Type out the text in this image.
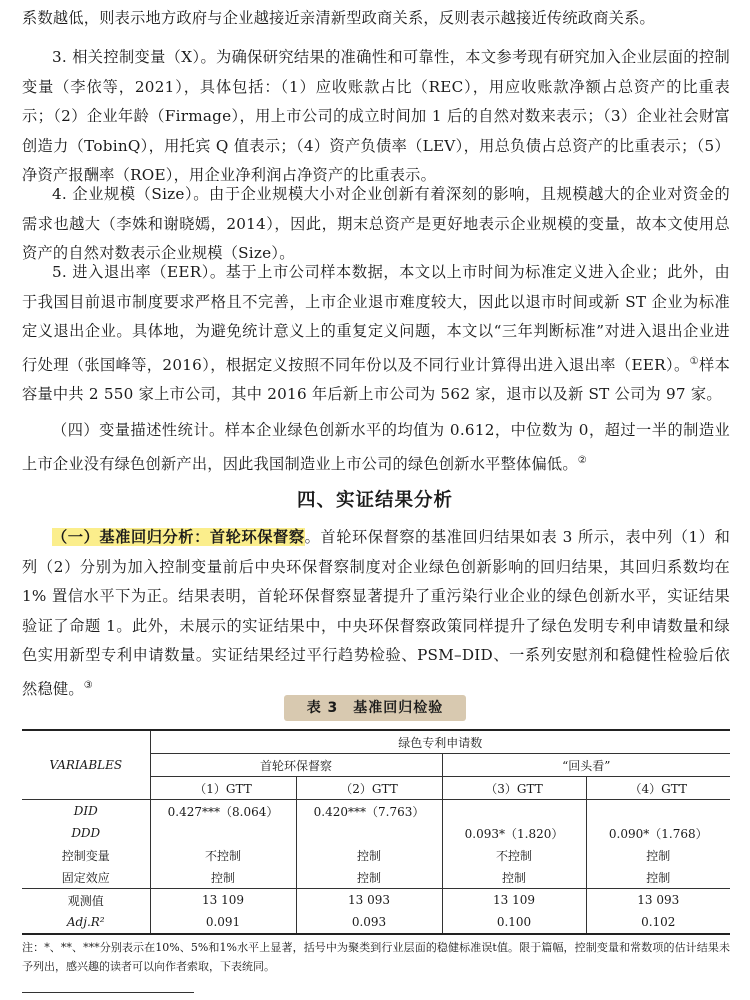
系数越低，则表示地方政府与企业越接近亲清新型政商关系，反则表示越接近传统政商关系。

3. 相关控制变量（X）。为确保研究结果的准确性和可靠性，本文参考现有研究加入企业层面的控制变量（李依等，2021），具体包括：（1）应收账款占比（REC），用应收账款净额占总资产的比重表示；（2）企业年龄（Firmage），用上市公司的成立时间加 1 后的自然对数来表示；（3）企业社会财富创造力（TobinQ），用托宾 Q 值表示；（4）资产负债率（LEV），用总负债占总资产的比重表示；（5）净资产报酬率（ROE），用企业净利润占净资产的比重表示。

4. 企业规模（Size）。由于企业规模大小对企业创新有着深刻的影响，且规模越大的企业对资金的需求也越大（李姝和谢晓嫣，2014），因此，期末总资产是更好地表示企业规模的变量，故本文使用总资产的自然对数表示企业规模（Size）。

5. 进入退出率（EER）。基于上市公司样本数据，本文以上市时间为标准定义进入企业；此外，由于我国目前退市制度要求严格且不完善，上市企业退市难度较大，因此以退市时间或新 ST 企业为标准定义退出企业。具体地，为避免统计意义上的重复定义问题，本文以“三年判断标准”对进入退出企业进行处理（张国峰等，2016），根据定义按照不同年份以及不同行业计算得出进入退出率（EER）。①样本容量中共 2 550 家上市公司，其中 2016 年后新上市公司为 562 家，退市以及新 ST 公司为 97 家。

（四）变量描述性统计。样本企业绿色创新水平的均值为 0.612，中位数为 0，超过一半的制造业上市企业没有绿色创新产出，因此我国制造业上市公司的绿色创新水平整体偏低。②

四、实证结果分析

（一）基准回归分析：首轮环保督察。首轮环保督察的基准回归结果如表 3 所示，表中列（1）和列（2）分别为加入控制变量前后中央环保督察制度对企业绿色创新影响的回归结果，其回归系数均在 1% 置信水平下为正。结果表明，首轮环保督察显著提升了重污染行业企业的绿色创新水平，实证结果验证了命题 1。此外，未展示的实证结果中，中央环保督察政策同样提升了绿色发明专利申请数量和绿色实用新型专利申请数量。实证结果经过平行趋势检验、PSM–DID、一系列安慰剂和稳健性检验后依然稳健。③

表 3　基准回归检验
VARIABLES	绿色专利申请数			
	首轮环保督察		“回头看”	
	（1）GTT	（2）GTT	（3）GTT	（4）GTT
DID	0.427***（8.064）	0.420***（7.763）		
DDD			0.093*（1.820）	0.090*（1.768）
控制变量	不控制	控制	不控制	控制
固定效应	控制	控制	控制	控制
观测值	13 109	13 093	13 109	13 093
Adj.R²	0.091	0.093	0.100	0.102

注：*、**、***分别表示在10%、5%和1%水平上显著，括号中为聚类到行业层面的稳健标准误t值。限于篇幅，控制变量和常数项的估计结果未予列出，感兴趣的读者可以向作者索取，下表统同。
